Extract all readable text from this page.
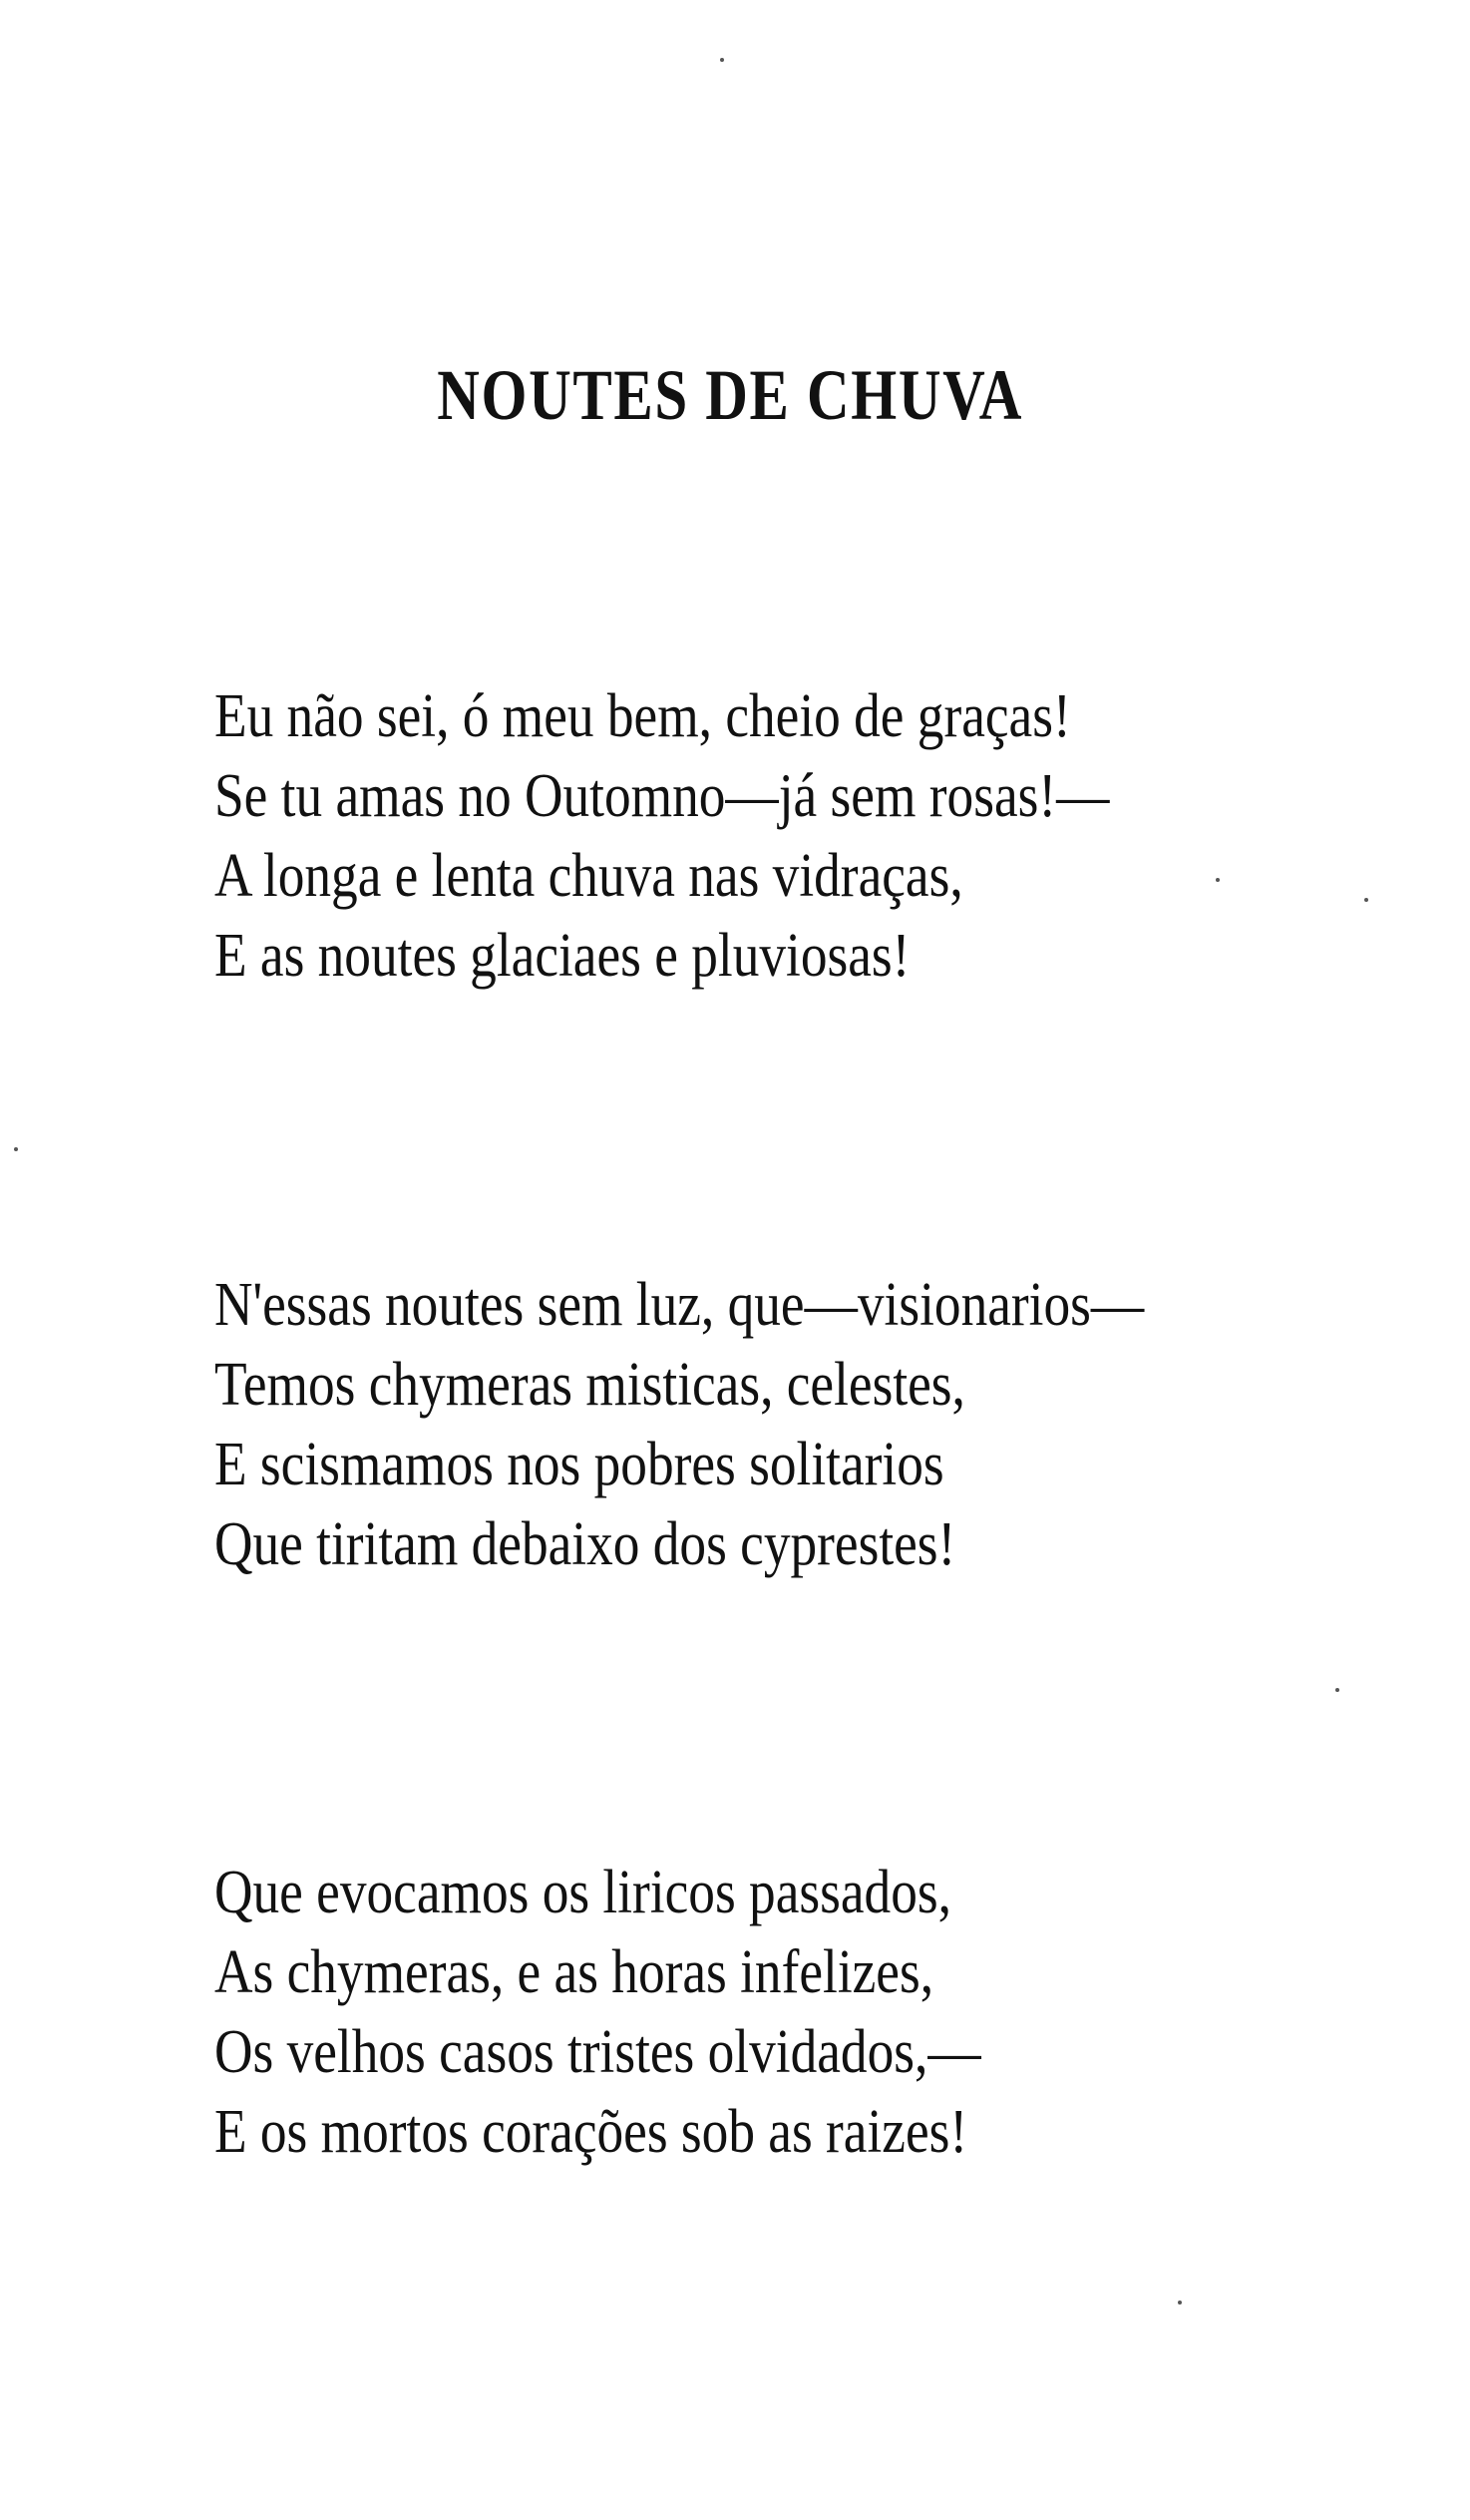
NOUTES DE CHUVA
Eu não sei, ó meu bem, cheio de graças!
Se tu amas no Outomno—já sem rosas!—
A longa e lenta chuva nas vidraças,
E as noutes glaciaes e pluviosas!
N'essas noutes sem luz, que—visionarios—
Temos chymeras misticas, celestes,
E scismamos nos pobres solitarios
Que tiritam debaixo dos cyprestes!
Que evocamos os liricos passados,
As chymeras, e as horas infelizes,
Os velhos casos tristes olvidados,—
E os mortos corações sob as raizes!
